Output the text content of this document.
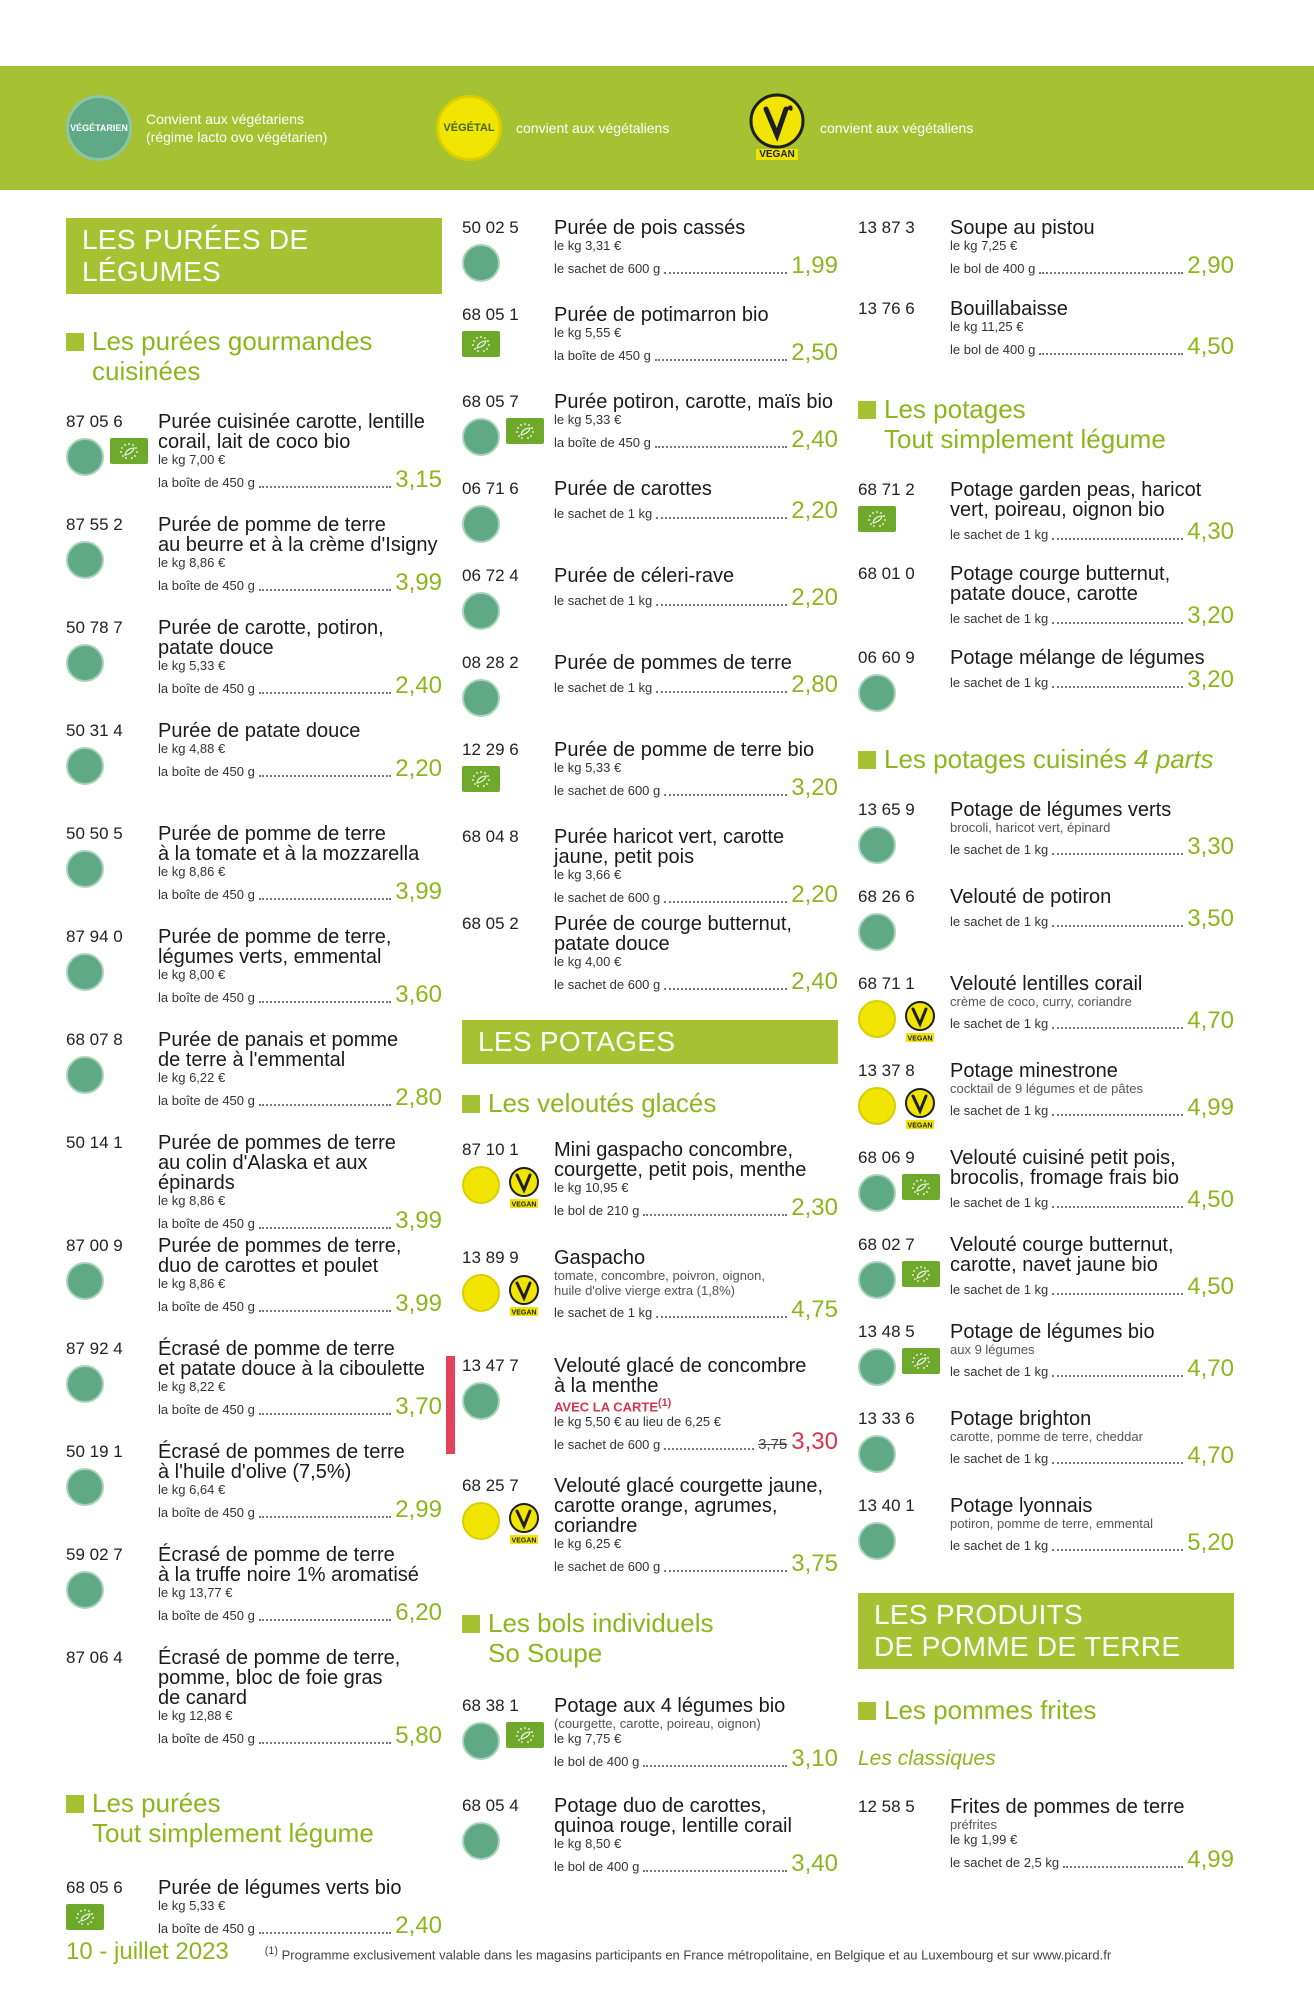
VÉGÉTARIEN
Convient aux végétariens
(régime lacto ovo végétarien)
VÉGÉTAL	convient aux végétaliens
VEGAN
convient aux végétaliens
LES PURÉES DE LÉGUMES
Les purées gourmandes
cuisinées
87 05 6	Purée cuisinée carotte, lentille
corail, lait de coco bio
le kg 7,00 €
la boîte de 450 g	3,15
87 55 2	Purée de pomme de terre
au beurre et à la crème d'Isigny
le kg 8,86 €
la boîte de 450 g	3,99
50 78 7	Purée de carotte, potiron,
patate douce
le kg 5,33 €
la boîte de 450 g	2,40
50 31 4	Purée de patate douce
le kg 4,88 €
la boîte de 450 g	2,20
50 50 5	Purée de pomme de terre
à la tomate et à la mozzarella
le kg 8,86 €
la boîte de 450 g	3,99
87 94 0	Purée de pomme de terre,
légumes verts, emmental
le kg 8,00 €
la boîte de 450 g	3,60
68 07 8	Purée de panais et pomme
de terre à l'emmental
le kg 6,22 €
la boîte de 450 g	2,80
50 14 1	Purée de pommes de terre
au colin d'Alaska et aux épinards
le kg 8,86 €
la boîte de 450 g	3,99
87 00 9	Purée de pommes de terre,
duo de carottes et poulet
le kg 8,86 €
la boîte de 450 g	3,99
87 92 4	Écrasé de pomme de terre
et patate douce à la ciboulette
le kg 8,22 €
la boîte de 450 g	3,70
50 19 1	Écrasé de pommes de terre
à l'huile d'olive (7,5%)
le kg 6,64 €
la boîte de 450 g	2,99
59 02 7	Écrasé de pomme de terre
à la truffe noire 1% aromatisé
le kg 13,77 €
la boîte de 450 g	6,20
87 06 4	Écrasé de pomme de terre,
pomme, bloc de foie gras
de canard
le kg 12,88 €
la boîte de 450 g	5,80
Les purées
Tout simplement légume
68 05 6	Purée de légumes verts bio
le kg 5,33 €
la boîte de 450 g	2,40
50 02 5	Purée de pois cassés
le kg 3,31 €
le sachet de 600 g	1,99
68 05 1	Purée de potimarron bio
le kg 5,55 €
la boîte de 450 g	2,50
68 05 7	Purée potiron, carotte, maïs bio
le kg 5,33 €
la boîte de 450 g	2,40
06 71 6	Purée de carottes
le sachet de 1 kg	2,20
06 72 4	Purée de céleri-rave
le sachet de 1 kg	2,20
08 28 2	Purée de pommes de terre
le sachet de 1 kg	2,80
12 29 6	Purée de pomme de terre bio
le kg 5,33 €
le sachet de 600 g	3,20
68 04 8	Purée haricot vert, carotte
jaune, petit pois
le kg 3,66 €
le sachet de 600 g	2,20
68 05 2	Purée de courge butternut,
patate douce
le kg 4,00 €
le sachet de 600 g	2,40
LES POTAGES
Les veloutés glacés
87 10 1
VEGAN
Mini gaspacho concombre,
courgette, petit pois, menthe
le kg 10,95 €
le bol de 210 g	2,30
13 89 9
VEGAN
Gaspacho
tomate, concombre, poivron, oignon,
huile d'olive vierge extra (1,8%)
le sachet de 1 kg	4,75
13 47 7	Velouté glacé de concombre
à la menthe
AVEC LA CARTE$^{(1)}$
le kg 5,50 € au lieu de 6,25 €
le sachet de 600 g	3,75 3,30
68 25 7
VEGAN
Velouté glacé courgette jaune,
carotte orange, agrumes,
coriandre
le kg 6,25 €
le sachet de 600 g	3,75
Les bols individuels
So Soupe
68 38 1	Potage aux 4 légumes bio
(courgette, carotte, poireau, oignon)
le kg 7,75 €
le bol de 400 g	3,10
68 05 4	Potage duo de carottes,
quinoa rouge, lentille corail
le kg 8,50 €
le bol de 400 g	3,40
13 87 3	Soupe au pistou
le kg 7,25 €
le bol de 400 g	2,90
13 76 6	Bouillabaisse
le kg 11,25 €
le bol de 400 g	4,50
Les potages
Tout simplement légume
68 71 2	Potage garden peas, haricot
vert, poireau, oignon bio
le sachet de 1 kg	4,30
68 01 0	Potage courge butternut,
patate douce, carotte
le sachet de 1 kg	3,20
06 60 9	Potage mélange de légumes
le sachet de 1 kg	3,20
Les potages cuisinés 4 parts
13 65 9	Potage de légumes verts
brocoli, haricot vert, épinard
le sachet de 1 kg	3,30
68 26 6	Velouté de potiron
le sachet de 1 kg	3,50
68 71 1
VEGAN
Velouté lentilles corail
crème de coco, curry, coriandre
le sachet de 1 kg	4,70
13 37 8
VEGAN
Potage minestrone
cocktail de 9 légumes et de pâtes
le sachet de 1 kg	4,99
68 06 9	Velouté cuisiné petit pois,
brocolis, fromage frais bio
le sachet de 1 kg	4,50
68 02 7	Velouté courge butternut,
carotte, navet jaune bio
le sachet de 1 kg	4,50
13 48 5	Potage de légumes bio
aux 9 légumes
le sachet de 1 kg	4,70
13 33 6	Potage brighton
carotte, pomme de terre, cheddar
le sachet de 1 kg	4,70
13 40 1	Potage lyonnais
potiron, pomme de terre, emmental
le sachet de 1 kg	5,20
LES PRODUITS
DE POMME DE TERRE
Les pommes frites
Les classiques
12 58 5	Frites de pommes de terre
préfrites
le kg 1,99 €
le sachet de 2,5 kg	4,99
10 - juillet 2023	$^{(1)}$ Programme exclusivement valable dans les magasins participants en France métropolitaine, en Belgique et au Luxembourg et sur www.picard.fr
